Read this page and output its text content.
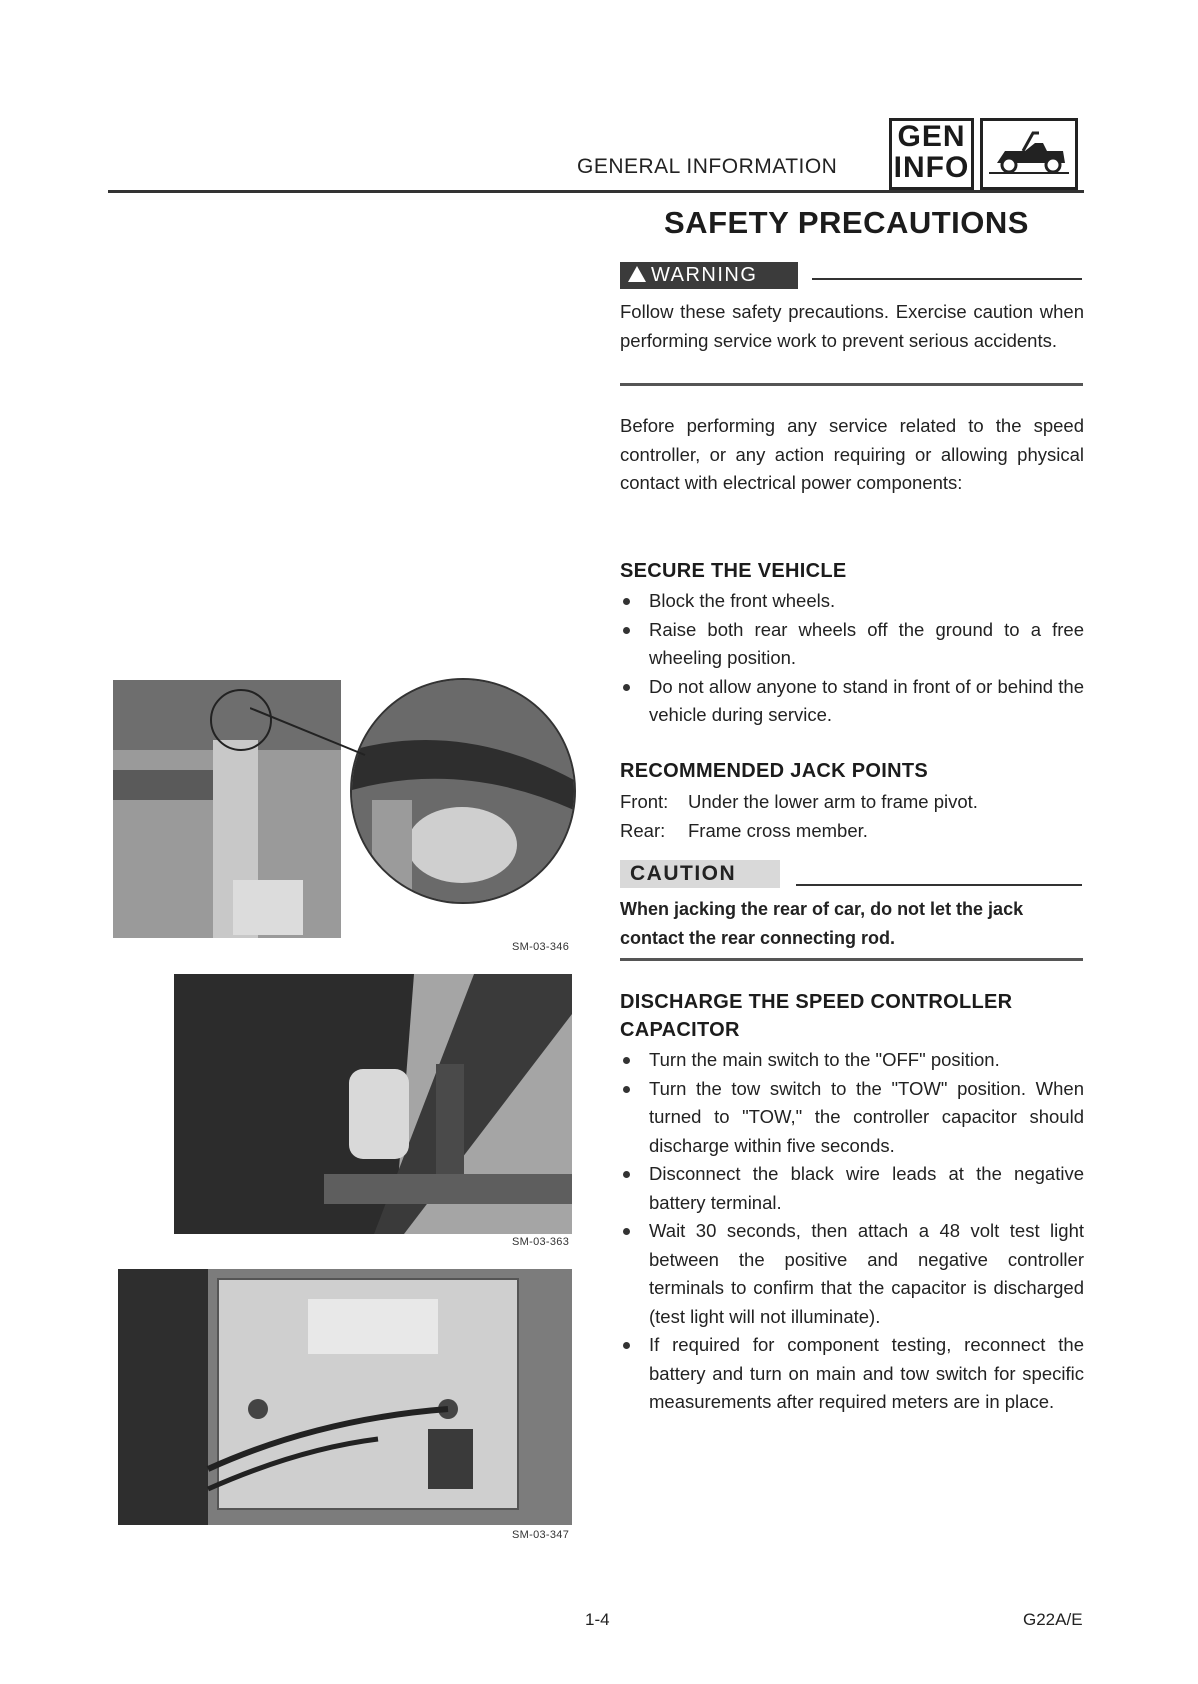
GENERAL INFORMATION
GEN
INFO
SAFETY PRECAUTIONS
WARNING
Follow these safety precautions. Exercise caution when performing service work to prevent serious accidents.
Before performing any service related to the speed controller, or any action requiring or allowing physical contact with electrical power components:
SECURE THE VEHICLE
Block the front wheels.
Raise both rear wheels off the ground to a free wheeling position.
Do not allow anyone to stand in front of or behind the vehicle during service.
RECOMMENDED JACK POINTS
Front:	Under the lower arm to frame pivot.
Rear:	Frame cross member.
CAUTION
When jacking the rear of car, do not let the jack contact the rear connecting rod.
DISCHARGE THE SPEED CONTROLLER
CAPACITOR
Turn the main switch to the "OFF" position.
Turn the tow switch to the "TOW" position. When turned to "TOW," the controller capacitor should discharge within five seconds.
Disconnect the black wire leads at the negative battery terminal.
Wait 30 seconds, then attach a 48 volt test light between the positive and negative controller terminals to confirm that the capacitor is discharged (test light will not illuminate).
If required for component testing, reconnect the battery and turn on main and tow switch for specific measurements after required meters are in place.
SM-03-346
SM-03-363
SM-03-347
1-4	G22A/E
